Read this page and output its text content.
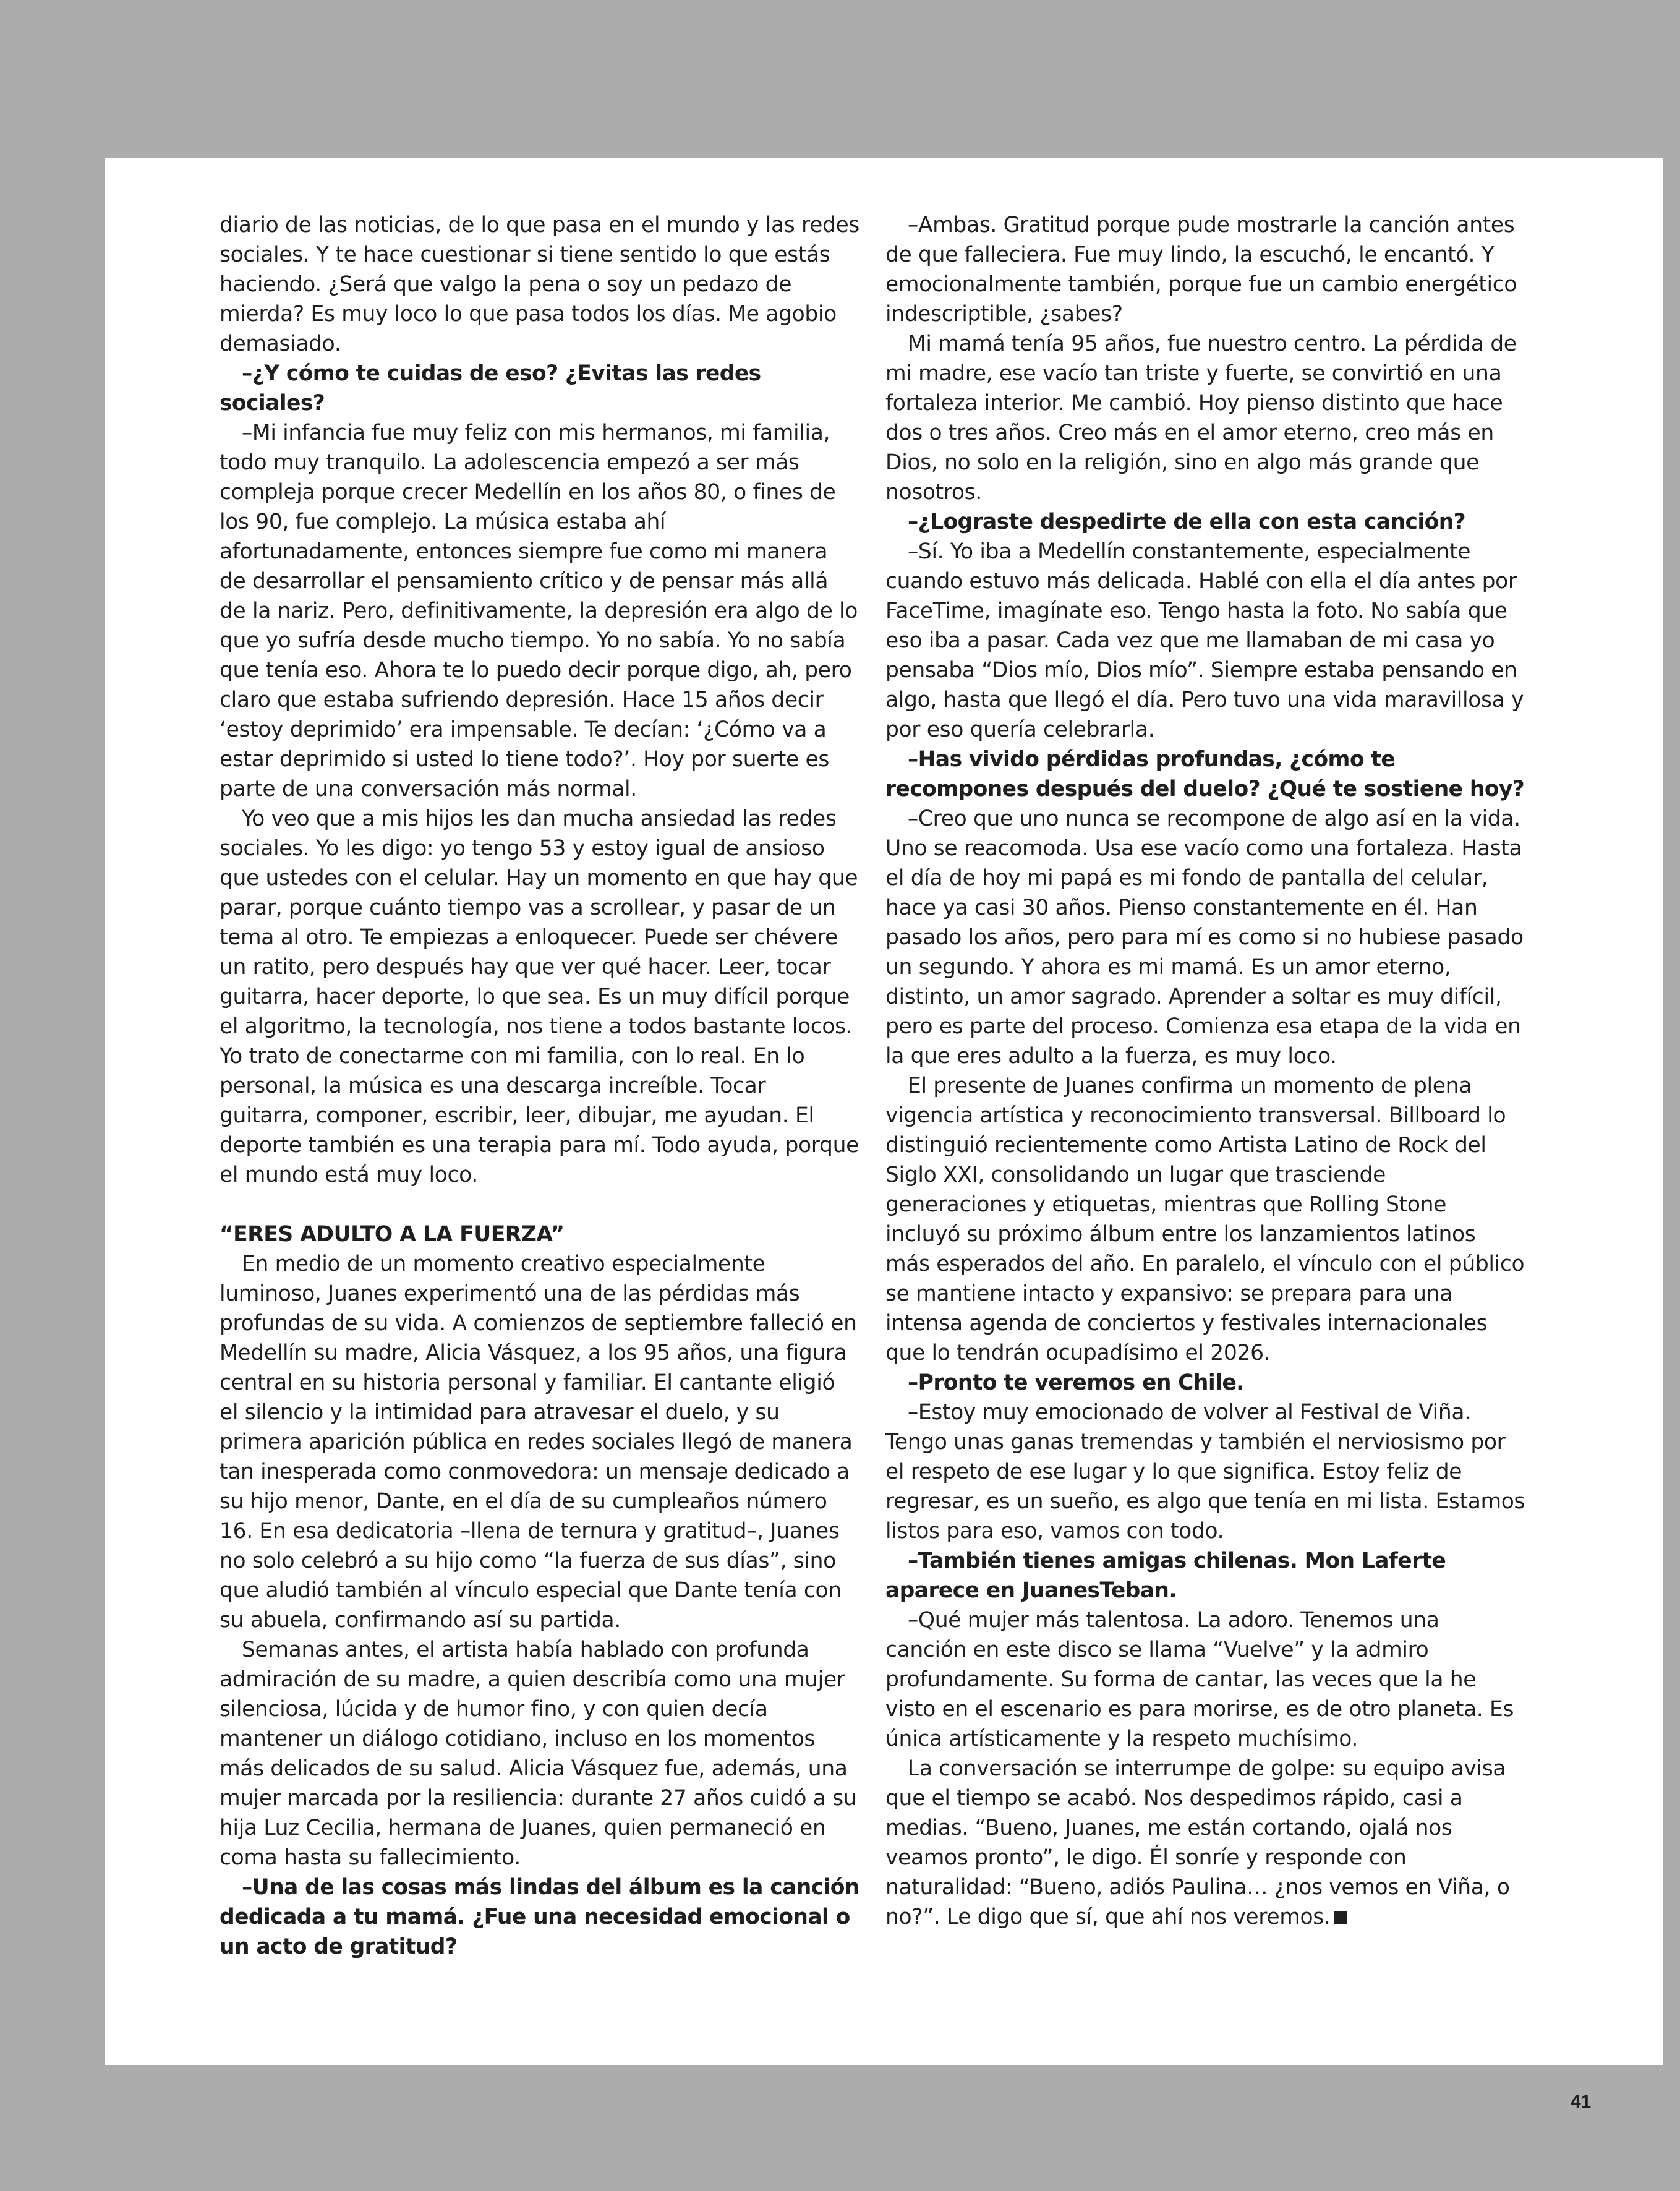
diario de las noticias, de lo que pasa en el mundo y las redes sociales. Y te hace cuestionar si tiene sentido lo que estás haciendo. ¿Será que valgo la pena o soy un pedazo de mierda? Es muy loco lo que pasa todos los días. Me agobio demasiado.

–¿Y cómo te cuidas de eso? ¿Evitas las redes sociales?

–Mi infancia fue muy feliz con mis hermanos, mi familia, todo muy tranquilo. La adolescencia empezó a ser más compleja porque crecer Medellín en los años 80, o fines de los 90, fue complejo. La música estaba ahí afortunadamente, entonces siempre fue como mi manera de desarrollar el pensamiento crítico y de pensar más allá de la nariz. Pero, definitivamente, la depresión era algo de lo que yo sufría desde mucho tiempo. Yo no sabía. Yo no sabía que tenía eso. Ahora te lo puedo decir porque digo, ah, pero claro que estaba sufriendo depresión. Hace 15 años decir ‘estoy deprimido’ era impensable. Te decían: ‘¿Cómo va a estar deprimido si usted lo tiene todo?’. Hoy por suerte es parte de una conversación más normal.

Yo veo que a mis hijos les dan mucha ansiedad las redes sociales. Yo les digo: yo tengo 53 y estoy igual de ansioso que ustedes con el celular. Hay un momento en que hay que parar, porque cuánto tiempo vas a scrollear, y pasar de un tema al otro. Te empiezas a enloquecer. Puede ser chévere un ratito, pero después hay que ver qué hacer. Leer, tocar guitarra, hacer deporte, lo que sea. Es un muy difícil porque el algoritmo, la tecnología, nos tiene a todos bastante locos. Yo trato de conectarme con mi familia, con lo real. En lo personal, la música es una descarga increíble. Tocar guitarra, componer, escribir, leer, dibujar, me ayudan. El deporte también es una terapia para mí. Todo ayuda, porque el mundo está muy loco.

“ERES ADULTO A LA FUERZA”

En medio de un momento creativo especialmente luminoso, Juanes experimentó una de las pérdidas más profundas de su vida. A comienzos de septiembre falleció en Medellín su madre, Alicia Vásquez, a los 95 años, una figura central en su historia personal y familiar. El cantante eligió el silencio y la intimidad para atravesar el duelo, y su primera aparición pública en redes sociales llegó de manera tan inesperada como conmovedora: un mensaje dedicado a su hijo menor, Dante, en el día de su cumpleaños número 16. En esa dedicatoria –llena de ternura y gratitud–, Juanes no solo celebró a su hijo como “la fuerza de sus días”, sino que aludió también al vínculo especial que Dante tenía con su abuela, confirmando así su partida.

Semanas antes, el artista había hablado con profunda admiración de su madre, a quien describía como una mujer silenciosa, lúcida y de humor fino, y con quien decía mantener un diálogo cotidiano, incluso en los momentos más delicados de su salud. Alicia Vásquez fue, además, una mujer marcada por la resiliencia: durante 27 años cuidó a su hija Luz Cecilia, hermana de Juanes, quien permaneció en coma hasta su fallecimiento.

–Una de las cosas más lindas del álbum es la canción dedicada a tu mamá. ¿Fue una necesidad emocional o un acto de gratitud?

–Ambas. Gratitud porque pude mostrarle la canción antes de que falleciera. Fue muy lindo, la escuchó, le encantó. Y emocionalmente también, porque fue un cambio energético indescriptible, ¿sabes?

Mi mamá tenía 95 años, fue nuestro centro. La pérdida de mi madre, ese vacío tan triste y fuerte, se convirtió en una fortaleza interior. Me cambió. Hoy pienso distinto que hace dos o tres años. Creo más en el amor eterno, creo más en Dios, no solo en la religión, sino en algo más grande que nosotros.

–¿Lograste despedirte de ella con esta canción?

–Sí. Yo iba a Medellín constantemente, especialmente cuando estuvo más delicada. Hablé con ella el día antes por FaceTime, imagínate eso. Tengo hasta la foto. No sabía que eso iba a pasar. Cada vez que me llamaban de mi casa yo pensaba “Dios mío, Dios mío”. Siempre estaba pensando en algo, hasta que llegó el día. Pero tuvo una vida maravillosa y por eso quería celebrarla.

–Has vivido pérdidas profundas, ¿cómo te recompones después del duelo? ¿Qué te sostiene hoy?

–Creo que uno nunca se recompone de algo así en la vida. Uno se reacomoda. Usa ese vacío como una fortaleza. Hasta el día de hoy mi papá es mi fondo de pantalla del celular, hace ya casi 30 años. Pienso constantemente en él. Han pasado los años, pero para mí es como si no hubiese pasado un segundo. Y ahora es mi mamá. Es un amor eterno, distinto, un amor sagrado. Aprender a soltar es muy difícil, pero es parte del proceso. Comienza esa etapa de la vida en la que eres adulto a la fuerza, es muy loco.

El presente de Juanes confirma un momento de plena vigencia artística y reconocimiento transversal. Billboard lo distinguió recientemente como Artista Latino de Rock del Siglo XXI, consolidando un lugar que trasciende generaciones y etiquetas, mientras que Rolling Stone incluyó su próximo álbum entre los lanzamientos latinos más esperados del año. En paralelo, el vínculo con el público se mantiene intacto y expansivo: se prepara para una intensa agenda de conciertos y festivales internacionales que lo tendrán ocupadísimo el 2026.

–Pronto te veremos en Chile.

–Estoy muy emocionado de volver al Festival de Viña. Tengo unas ganas tremendas y también el nerviosismo por el respeto de ese lugar y lo que significa. Estoy feliz de regresar, es un sueño, es algo que tenía en mi lista. Estamos listos para eso, vamos con todo.

–También tienes amigas chilenas. Mon Laferte aparece en JuanesTeban.

–Qué mujer más talentosa. La adoro. Tenemos una canción en este disco se llama “Vuelve” y la admiro profundamente. Su forma de cantar, las veces que la he visto en el escenario es para morirse, es de otro planeta. Es única artísticamente y la respeto muchísimo.

La conversación se interrumpe de golpe: su equipo avisa que el tiempo se acabó. Nos despedimos rápido, casi a medias. “Bueno, Juanes, me están cortando, ojalá nos veamos pronto”, le digo. Él sonríe y responde con naturalidad: “Bueno, adiós Paulina… ¿nos vemos en Viña, o no?”. Le digo que sí, que ahí nos veremos.

41
